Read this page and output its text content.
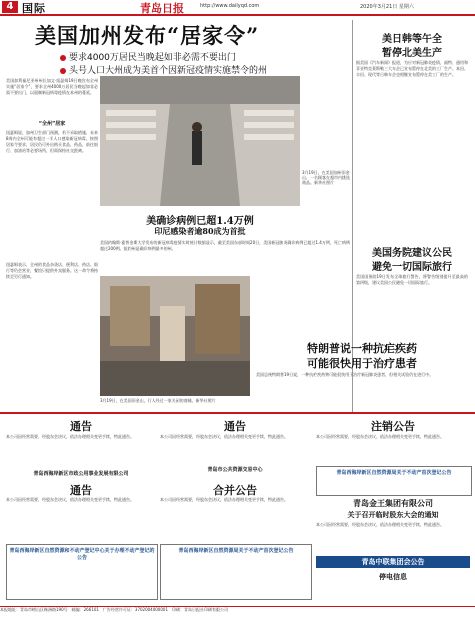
4 国际	青岛日报	http://www.dailyqd.com	2020年3月21日 星期六
美国加州发布“居家令”
要求4000万居民当晚起如非必需不要出门
头号人口大州成为美首个因新冠疫情实施禁令的州
美国加利福尼亚州州长加文·纽瑟姆19日晚宣布全州实施“居家令”，要求全州4000万居民当晚起如非必需不要出门，以遏制新冠病毒疫情在本州的蔓延。
“全州”居家
纽瑟姆说，加州卫生部门预测，若不采取措施，未来8周内全州可能有超过一半人口感染新冠病毒。按照居家令要求，居民仍可外出购买食品、药品，前往银行、加油站等必要场所，但需保持社交距离。
纽瑟姆表示，全州的食品杂货店、便利店、药店、银行等仍会营业，餐馆只提供外卖服务。这一命令将持续至另行通知。
3月19日，在美国加州旧金山，一名顾客在超市内挑选商品。新华社照片
美确诊病例已超1.4万例
印尼感染者逾80成为首批
美国约翰斯·霍普金斯大学发布的新冠病毒疫情实时统计数据显示，截至美国东部时间20日，美国新冠肺炎确诊病例已超过1.4万例，死亡病例超过200例。纽约州是确诊病例最多的州。
3月19日，在美国旧金山，行人经过一家关闭的商铺。新华社照片
美日韩等午全
暂停北美生产
据美国《汽车新闻》报道，为应对新冠肺炎疫情，福特、通用和菲亚特克莱斯勒三大车企已宣布暂停在北美的工厂生产。本田、丰田、现代等日韩车企也相继宣布暂停在美工厂的生产。
美国务院建议公民
避免一切国际旅行
美国国务院19日发布全球旅行警告，将警告级别提升至最高的第四级，建议美国公民避免一切国际旅行。
特朗普说一种抗疟疾药
可能很快用于治疗患者
美国总统特朗普19日说，一种抗疟疾药物可能很快用于治疗新冠肺炎患者，但相关试验仍在进行中。
通告
本公司因经营需要，经股东会决议，依法办理相关变更手续，特此通告。
青岛西海岸新区市政公用事业发展有限公司
通告
本公司因经营需要，经股东会决议，依法办理相关变更手续，特此通告。
通告
本公司因经营需要，经股东会决议，依法办理相关变更手续，特此通告。
青岛市公共资源交易中心
合并公告
本公司因经营需要，经股东会决议，依法办理相关变更手续，特此通告。
注销公告
本公司因经营需要，经股东会决议，依法办理相关变更手续，特此通告。
青岛西海岸新区自然资源和不动产登记中心关于办理不动产登记的公告
青岛西海岸新区自然资源局关于不动产首次登记公告
青岛西海岸新区自然资源局关于不动产首次登记公告
青岛金王集团有限公司
关于召开临时股东大会的通知
本公司因经营需要，经股东会决议，依法办理相关变更手续，特此通告。
青岛中联集团会公告
停电信息
本报地址：青岛市崂山区株洲路190号　邮编：266101　广告经营许可证：3702004000001　印刷：青岛日报社印刷有限公司
